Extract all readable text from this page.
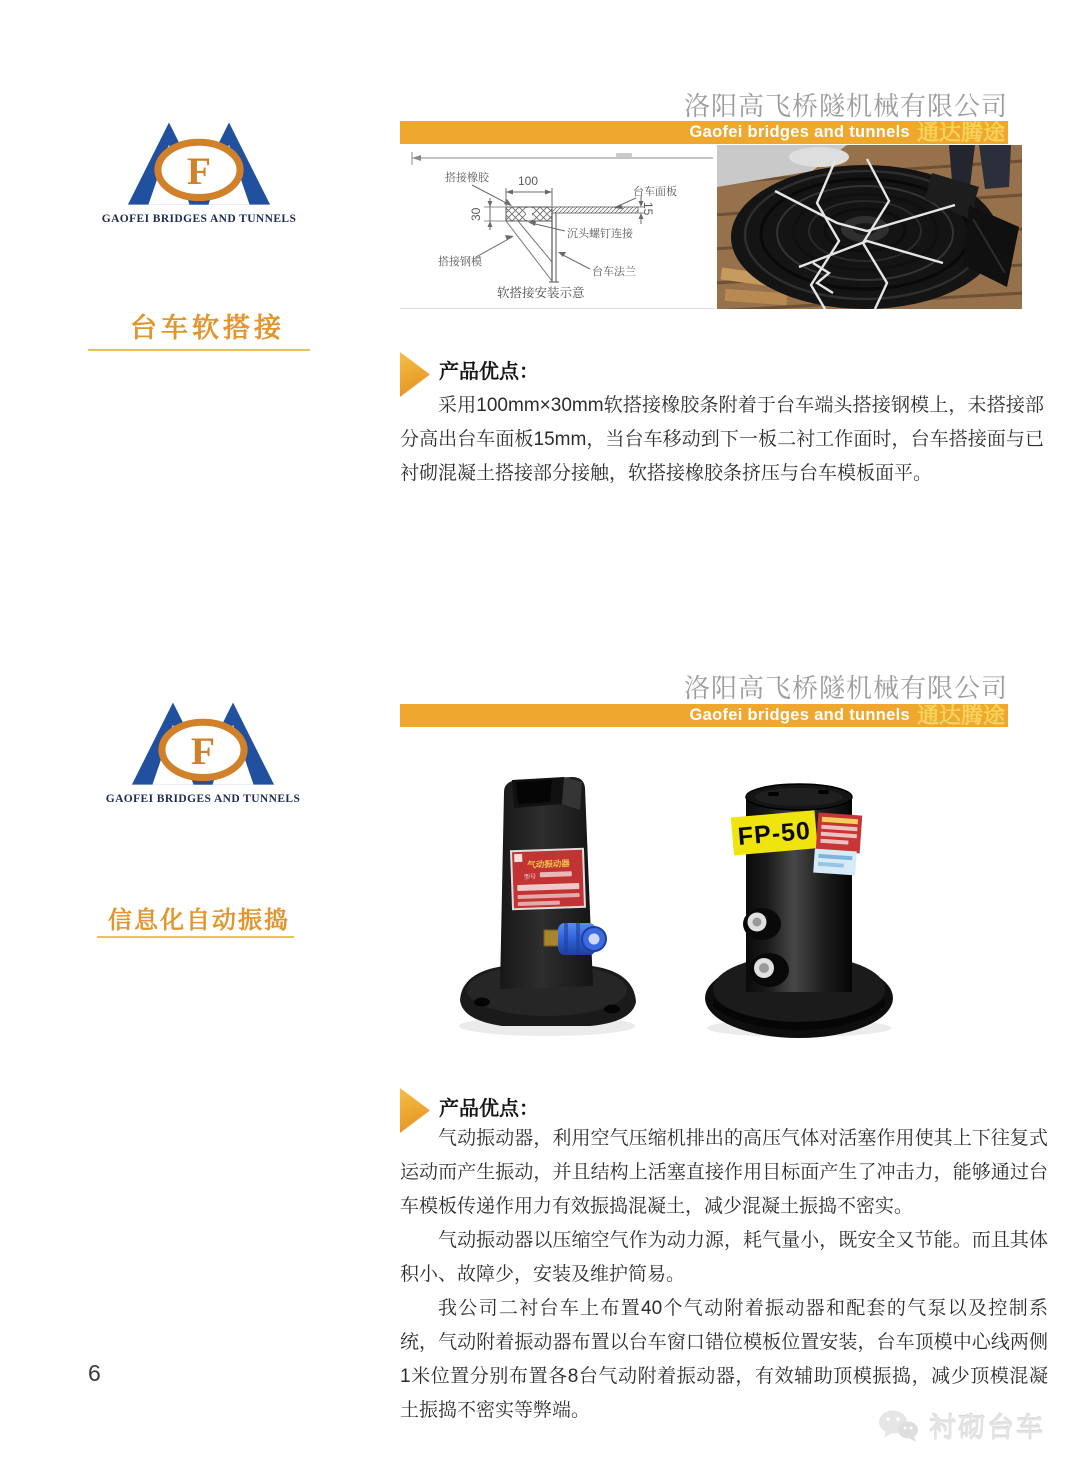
F
GAOFEI BRIDGES AND TUNNELS
洛阳高飞桥隧机械有限公司
Gaofei bridges and tunnels 通达腾途
台车软搭接
搭接橡胶 100
台车面板
15
30
沉头螺钉连接
搭接钢模
台车法兰
软搭接安装示意
产品优点：

采用100mm×30mm软搭接橡胶条附着于台车端头搭接钢模上，未搭接部分高出台车面板15mm，当台车移动到下一板二衬工作面时，台车搭接面与已衬砌混凝土搭接部分接触，软搭接橡胶条挤压与台车模板面平。

F
GAOFEI BRIDGES AND TUNNELS
洛阳高飞桥隧机械有限公司
Gaofei bridges and tunnels 通达腾途
信息化自动振捣
气动振动器
型号
FP-50
产品优点：

气动振动器，利用空气压缩机排出的高压气体对活塞作用使其上下往复式运动而产生振动，并且结构上活塞直接作用目标面产生了冲击力，能够通过台车模板传递作用力有效振捣混凝土，减少混凝土振捣不密实。

气动振动器以压缩空气作为动力源，耗气量小，既安全又节能。而且其体积小、故障少，安装及维护简易。

我公司二衬台车上布置40个气动附着振动器和配套的气泵以及控制系统，气动附着振动器布置以台车窗口错位模板位置安装，台车顶模中心线两侧1米位置分别布置各8台气动附着振动器，有效辅助顶模振捣，减少顶模混凝土振捣不密实等弊端。

6
衬砌台车
